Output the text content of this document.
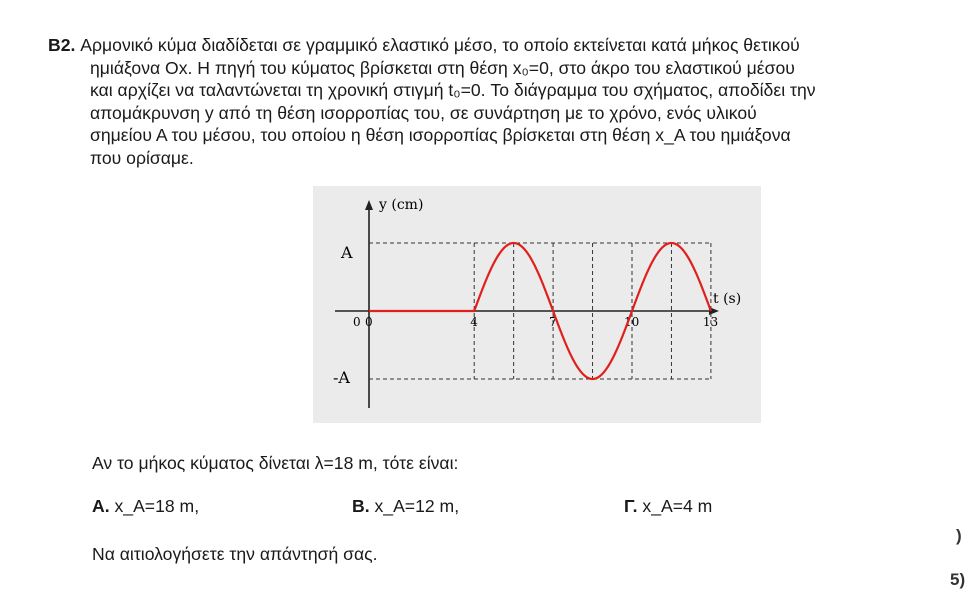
B2. Αρμονικό κύμα διαδίδεται σε γραμμικό ελαστικό μέσο, το οποίο εκτείνεται κατά μήκος θετικού
ημιάξονα Οx. Η πηγή του κύματος βρίσκεται στη θέση x₀=0, στο άκρο του ελαστικού μέσου
και αρχίζει να ταλαντώνεται τη χρονική στιγμή t₀=0. Το διάγραμμα του σχήματος, αποδίδει την
απομάκρυνση y από τη θέση ισορροπίας του, σε συνάρτηση με το χρόνο, ενός υλικού
σημείου Α του μέσου, του οποίου η θέση ισορροπίας βρίσκεται στη θέση x_A του ημιάξονα
που ορίσαμε.
y (cm)
t (s)
A
-A
0 0	4	7	10	13
Αν το μήκος κύματος δίνεται λ=18 m, τότε είναι:
Α. x_A=18 m,	Β. x_A=12 m,	Γ. x_A=4 m
Να αιτιολογήσετε την απάντησή σας.
)
5)
